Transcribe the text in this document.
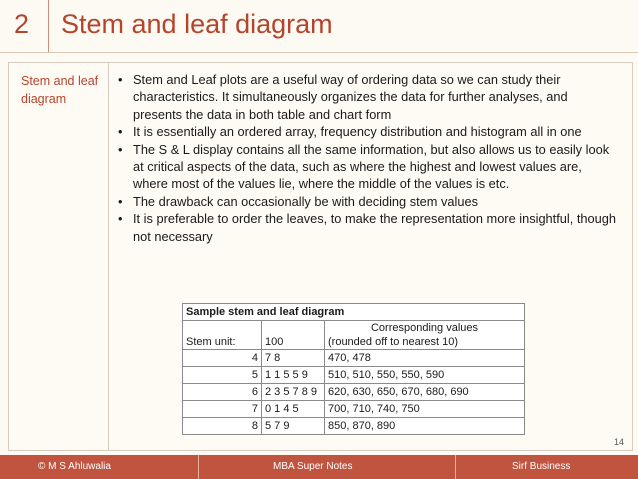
2 Stem and leaf diagram
Stem and leaf diagram
• Stem and Leaf plots are a useful way of ordering data so we can study their characteristics. It simultaneously organizes the data for further analyses, and presents the data in both table and chart form
• It is essentially an ordered array, frequency distribution and histogram all in one
• The S & L display contains all the same information, but also allows us to easily look at critical aspects of the data, such as where the highest and lowest values are, where most of the values lie, where the middle of the values is etc.
• The drawback can occasionally be with deciding stem values
• It is preferable to order the leaves, to make the representation more insightful, though not necessary
Sample stem and leaf diagram		
Stem unit:	100	Corresponding values
(rounded off to nearest 10)

4	7 8	470, 478
5	1 1 5 5 9	510, 510, 550, 550, 590
6	2 3 5 7 8 9	620, 630, 650, 670, 680, 690
7	0 1 4 5	700, 710, 740, 750
8	5 7 9	850, 870, 890
14
© M S Ahluwalia	MBA Super Notes	Sirf Business
